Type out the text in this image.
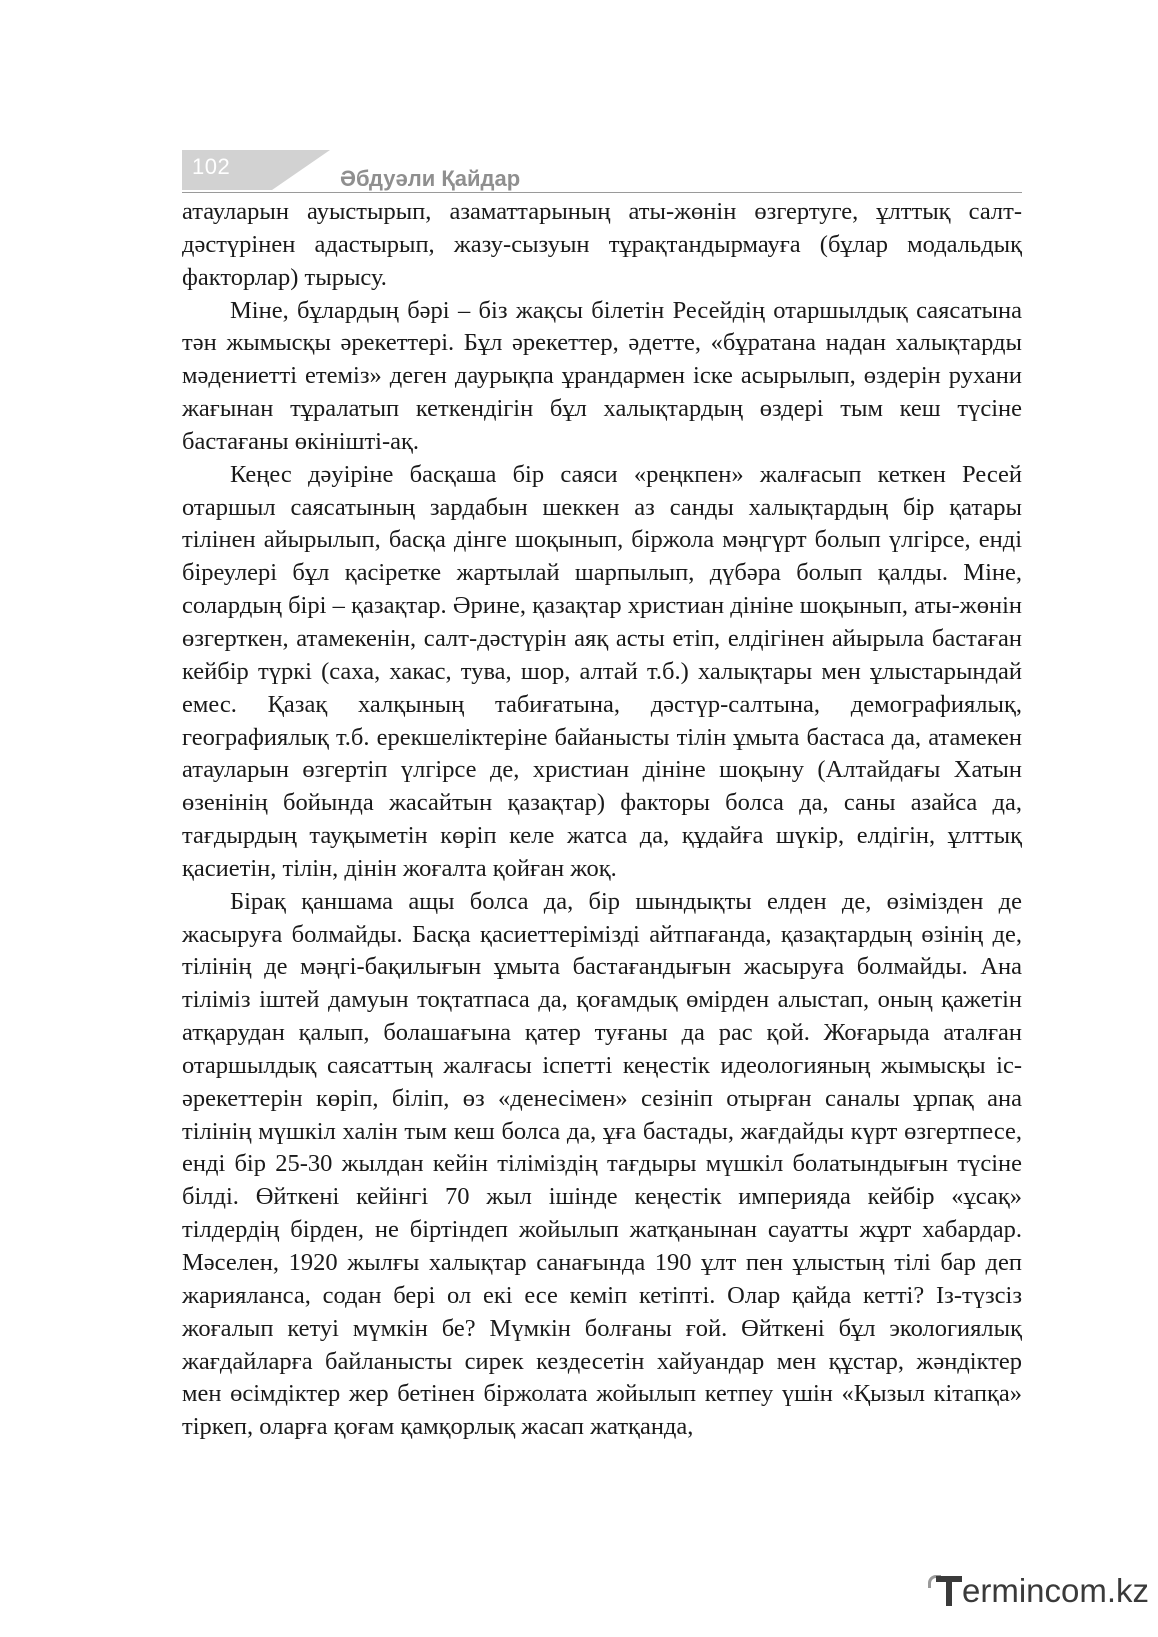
102	Әбдуәли Қайдар

атауларын ауыстырып, азаматтарының аты-жөнін өзгертуге, ұлттық салт-дәстүрінен адастырып, жазу-сызуын тұрақтандырмауға (бұлар модальдық факторлар) тырысу.

Міне, бұлардың бәрі – біз жақсы білетін Ресейдің отаршылдық саясатына тән жымысқы әрекеттері. Бұл әрекеттер, әдетте, «бұратана надан халықтарды мәдениетті етеміз» деген даурықпа ұрандармен іске асырылып, өздерін рухани жағынан тұралатып кеткендігін бұл халықтардың өздері тым кеш түсіне бастағаны өкінішті-ақ.

Кеңес дәуіріне басқаша бір саяси «реңкпен» жалғасып кеткен Ресей отаршыл саясатының зардабын шеккен аз санды халықтардың бір қатары тілінен айырылып, басқа дінге шоқынып, біржола мәңгүрт болып үлгірсе, енді біреулері бұл қасіретке жартылай шарпылып, дүбәра болып қалды. Міне, солардың бірі – қазақтар. Әрине, қазақтар христиан дініне шоқынып, аты-жөнін өзгерткен, атамекенін, салт-дәстүрін аяқ асты етіп, елдігінен айырыла бастаған кейбір түркі (саха, хакас, тува, шор, алтай т.б.) халықтары мен ұлыстарындай емес. Қазақ халқының табиғатына, дәстүр-салтына, демографиялық, географиялық т.б. ерекшеліктеріне байанысты тілін ұмыта бастаса да, атамекен атауларын өзгертіп үлгірсе де, христиан дініне шоқыну (Алтайдағы Хатын өзенінің бойында жасайтын қазақтар) факторы болса да, саны азайса да, тағдырдың тауқыметін көріп келе жатса да, құдайға шүкір, елдігін, ұлттық қасиетін, тілін, дінін жоғалта қойған жоқ.

Бірақ қаншама ащы болса да, бір шындықты елден де, өзімізден де жасыруға болмайды. Басқа қасиеттерімізді айтпағанда, қазақтардың өзінің де, тілінің де мәңгі-бақилығын ұмыта бастағандығын жасыруға болмайды. Ана тіліміз іштей дамуын тоқтатпаса да, қоғамдық өмірден алыстап, оның қажетін атқарудан қалып, болашағына қатер туғаны да рас қой. Жоғарыда аталған отаршылдық саясаттың жалғасы іспетті кеңестік идеологияның жымысқы іс-әрекеттерін көріп, біліп, өз «денесімен» сезініп отырған саналы ұрпақ ана тілінің мүшкіл халін тым кеш болса да, ұға бастады, жағдайды күрт өзгертпесе, енді бір 25-30 жылдан кейін тіліміздің тағдыры мүшкіл болатындығын түсіне білді. Өйткені кейінгі 70 жыл ішінде кеңестік империяда кейбір «ұсақ» тілдердің бірден, не біртіндеп жойылып жатқанынан сауатты жұрт хабардар. Мәселен, 1920 жылғы халықтар санағында 190 ұлт пен ұлыстың тілі бар деп жарияланса, содан бері ол екі есе кеміп кетіпті. Олар қайда кетті? Із-түзсіз жоғалып кетуі мүмкін бе? Мүмкін болғаны ғой. Өйткені бұл экологиялық жағдайларға байланысты сирек кездесетін хайуандар мен құстар, жәндіктер мен өсімдіктер жер бетінен біржолата жойылып кетпеу үшін «Қызыл кітапқа» тіркеп, оларға қоғам қамқорлық жасап жатқанда,

ermincоm.kz
